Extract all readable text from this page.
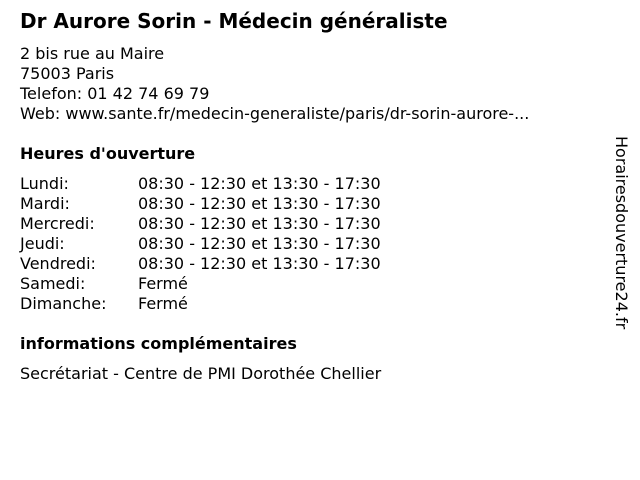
Dr Aurore Sorin - Médecin généraliste
2 bis rue au Maire
75003 Paris
Telefon: 01 42 74 69 79
Web: www.sante.fr/medecin-generaliste/paris/dr-sorin-aurore-...
Heures d'ouverture
Lundi:	08:30 - 12:30 et 13:30 - 17:30
Mardi:	08:30 - 12:30 et 13:30 - 17:30
Mercredi:	08:30 - 12:30 et 13:30 - 17:30
Jeudi:	08:30 - 12:30 et 13:30 - 17:30
Vendredi:	08:30 - 12:30 et 13:30 - 17:30
Samedi:	Fermé
Dimanche:	Fermé
informations complémentaires
Secrétariat - Centre de PMI Dorothée Chellier
Horairesdouverture24.fr
